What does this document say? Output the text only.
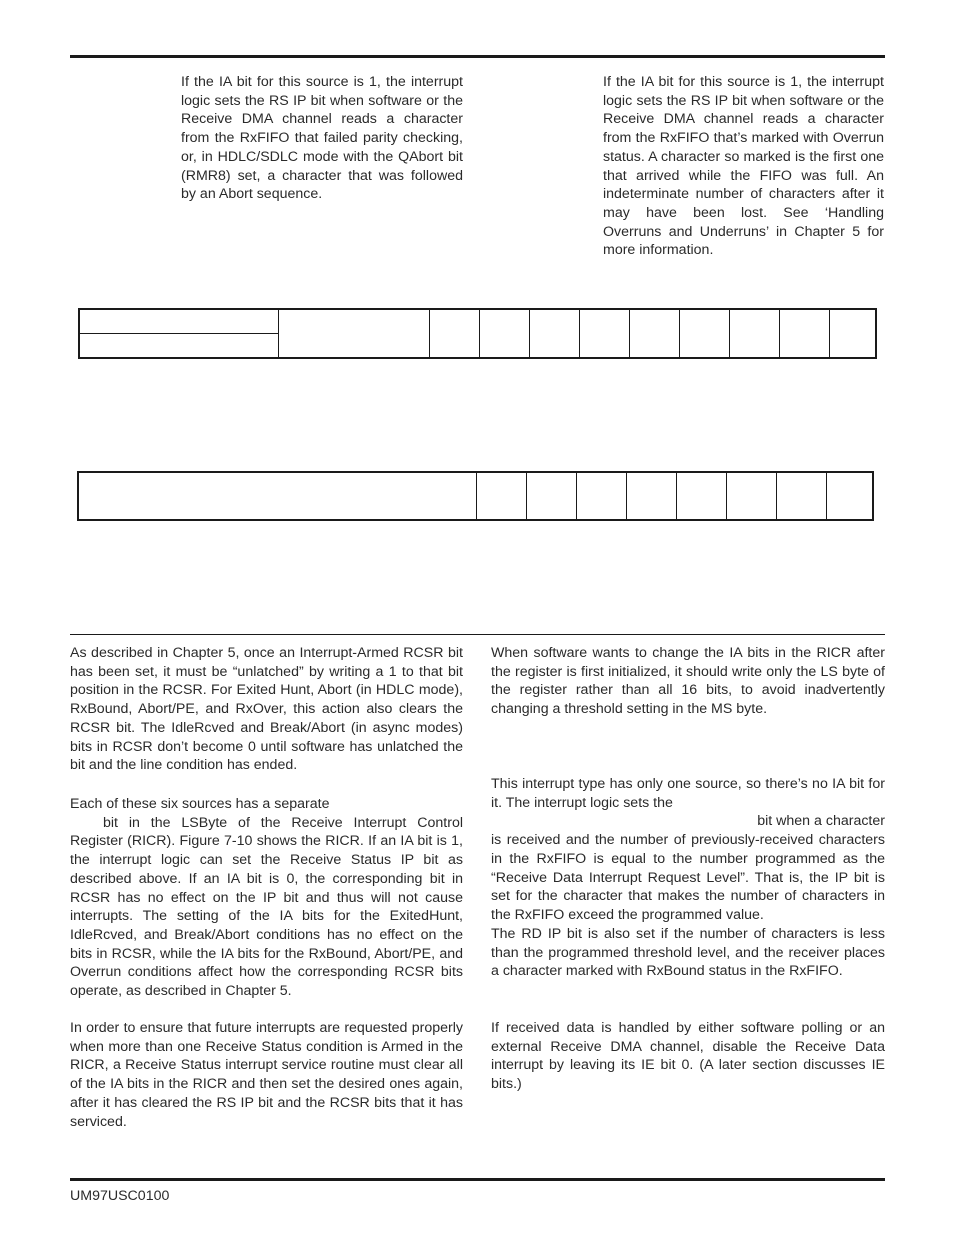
If the IA bit for this source is 1, the interrupt logic sets the RS IP bit when software or the Receive DMA channel reads a character from the RxFIFO that failed parity checking, or, in HDLC/SDLC mode with the QAbort bit (RMR8) set, a character that was followed by an Abort sequence.

If the IA bit for this source is 1, the interrupt logic sets the RS IP bit when software or the Receive DMA channel reads a character from the RxFIFO that’s marked with Overrun status. A character so marked is the first one that arrived while the FIFO was full. An indeterminate number of characters after it may have been lost. See ‘Handling Overruns and Underruns’ in Chapter 5 for more information.

As described in Chapter 5, once an Interrupt-Armed RCSR bit has been set, it must be “unlatched” by writing a 1 to that bit position in the RCSR. For Exited Hunt, Abort (in HDLC mode), RxBound, Abort/PE, and RxOver, this action also clears the RCSR bit. The IdleRcved and Break/Abort (in async modes) bits in RCSR don’t become 0 until software has unlatched the bit and the line condition has ended.

Each of these six sources has a separate

bit in the LSByte of the Receive Interrupt Control Register (RICR). Figure 7-10 shows the RICR. If an IA bit is 1, the interrupt logic can set the Receive Status IP bit as described above. If an IA bit is 0, the corresponding bit in RCSR has no effect on the IP bit and thus will not cause interrupts. The setting of the IA bits for the ExitedHunt, IdleRcved, and Break/Abort conditions has no effect on the bits in RCSR, while the IA bits for the RxBound, Abort/PE, and Overrun conditions affect how the corresponding RCSR bits operate, as described in Chapter 5.

In order to ensure that future interrupts are requested properly when more than one Receive Status condition is Armed in the RICR, a Receive Status interrupt service routine must clear all of the IA bits in the RICR and then set the desired ones again, after it has cleared the RS IP bit and the RCSR bits that it has serviced.

When software wants to change the IA bits in the RICR after the register is first initialized, it should write only the LS byte of the register rather than all 16 bits, to avoid inadvertently changing a threshold setting in the MS byte.

This interrupt type has only one source, so there’s no IA bit for it. The interrupt logic sets the

bit when a character

is received and the number of previously-received characters in the RxFIFO is equal to the number programmed as the “Receive Data Interrupt Request Level”. That is, the IP bit is set for the character that makes the number of characters in the RxFIFO exceed the programmed value.

The RD IP bit is also set if the number of characters is less than the programmed threshold level, and the receiver places a character marked with RxBound status in the RxFIFO.

If received data is handled by either software polling or an external Receive DMA channel, disable the Receive Data interrupt by leaving its IE bit 0. (A later section discusses IE bits.)

UM97USC0100
